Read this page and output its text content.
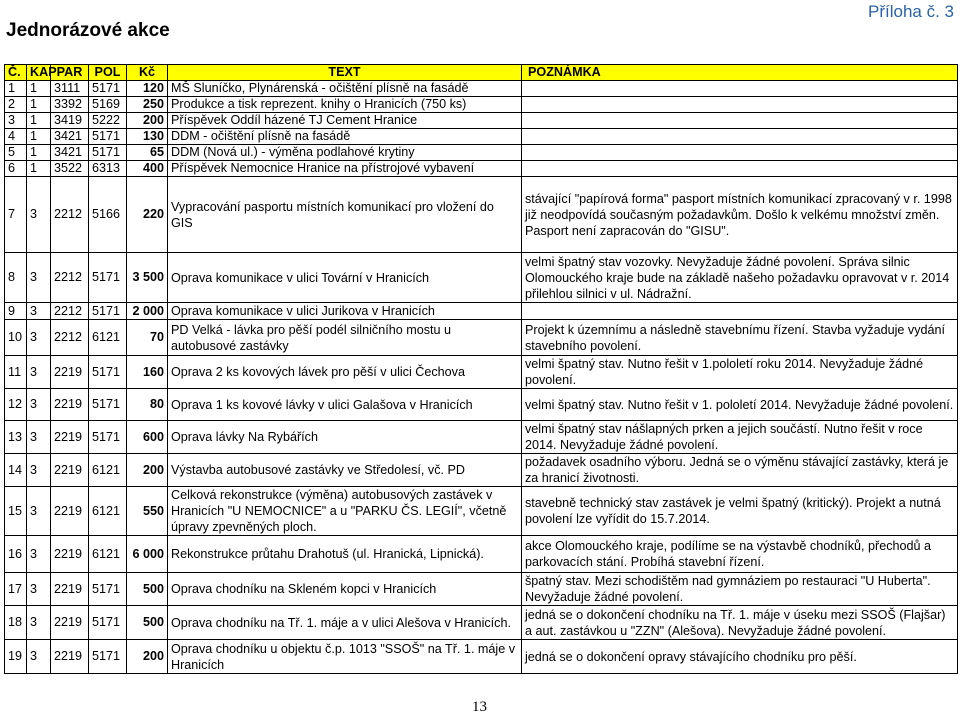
Jednorázové akce
Příloha č. 3
Č.	KAP	PAR	POL	Kč	TEXT	POZNÁMKA
1	1	3111	5171	120	MŠ Sluníčko, Plynárenská - očištění plísně na fasádě	
2	1	3392	5169	250	Produkce a tisk reprezent. knihy o Hranicích (750 ks)	
3	1	3419	5222	200	Příspěvek Oddíl házené TJ Cement Hranice	
4	1	3421	5171	130	DDM - očištění plísně na fasádě	
5	1	3421	5171	65	DDM (Nová ul.) - výměna podlahové krytiny	
6	1	3522	6313	400	Příspěvek Nemocnice Hranice na přístrojové vybavení	
7	3	2212	5166	220	Vypracování pasportu místních komunikací pro vložení do GIS	stávající "papírová forma" pasport místních komunikací zpracovaný v r. 1998 již neodpovídá současným požadavkům. Došlo k velkému množství změn. Pasport není zapracován do "GISU".
8	3	2212	5171	3 500	Oprava komunikace v ulici Tovární v Hranicích	velmi špatný stav vozovky. Nevyžaduje žádné povolení. Správa silnic Olomouckého kraje bude na základě našeho požadavku opravovat v r. 2014 přilehlou silnici v ul. Nádražní.
9	3	2212	5171	2 000	Oprava komunikace v ulici Jurikova v Hranicích	
10	3	2212	6121	70	PD Velká - lávka pro pěší podél silničního mostu u autobusové zastávky	Projekt k územnímu a následně stavebnímu řízení. Stavba vyžaduje vydání stavebního povolení.
11	3	2219	5171	160	Oprava 2 ks kovových lávek pro pěší v ulici Čechova	velmi špatný stav. Nutno řešit v 1.pololetí roku 2014. Nevyžaduje žádné povolení.
12	3	2219	5171	80	Oprava 1 ks kovové lávky v ulici Galašova v Hranicích	velmi špatný stav. Nutno řešit v 1. pololetí 2014. Nevyžaduje žádné povolení.
13	3	2219	5171	600	Oprava lávky Na Rybářích	velmi špatný stav nášlapných prken a jejich součástí. Nutno řešit v roce 2014. Nevyžaduje žádné povolení.
14	3	2219	6121	200	Výstavba autobusové zastávky ve Středolesí, vč. PD	požadavek osadního výboru. Jedná se o výměnu stávající zastávky, která je za hranicí životnosti.
15	3	2219	6121	550	Celková rekonstrukce (výměna) autobusových zastávek v Hranicích "U NEMOCNICE" a u "PARKU ČS. LEGIÍ", včetně úpravy zpevněných ploch.	stavebně technický stav zastávek je velmi špatný (kritický). Projekt a nutná povolení lze vyřídit do 15.7.2014.
16	3	2219	6121	6 000	Rekonstrukce průtahu Drahotuš (ul. Hranická, Lipnická).	akce Olomouckého kraje, podílíme se na výstavbě chodníků, přechodů a parkovacích stání. Probíhá stavební řízení.
17	3	2219	5171	500	Oprava chodníku na Skleném kopci v Hranicích	špatný stav. Mezi schodištěm nad gymnáziem po restauraci "U Huberta". Nevyžaduje žádné povolení.
18	3	2219	5171	500	Oprava chodníku na Tř. 1. máje a v ulici Alešova v Hranicích.	jedná se o dokončení chodníku na Tř. 1. máje v úseku mezi SSOŠ (Flajšar) a aut. zastávkou u "ZZN" (Alešova). Nevyžaduje žádné povolení.
19	3	2219	5171	200	Oprava chodníku u objektu č.p. 1013 "SSOŠ" na Tř. 1. máje v Hranicích	jedná se o dokončení opravy stávajícího chodníku pro pěší.
13
